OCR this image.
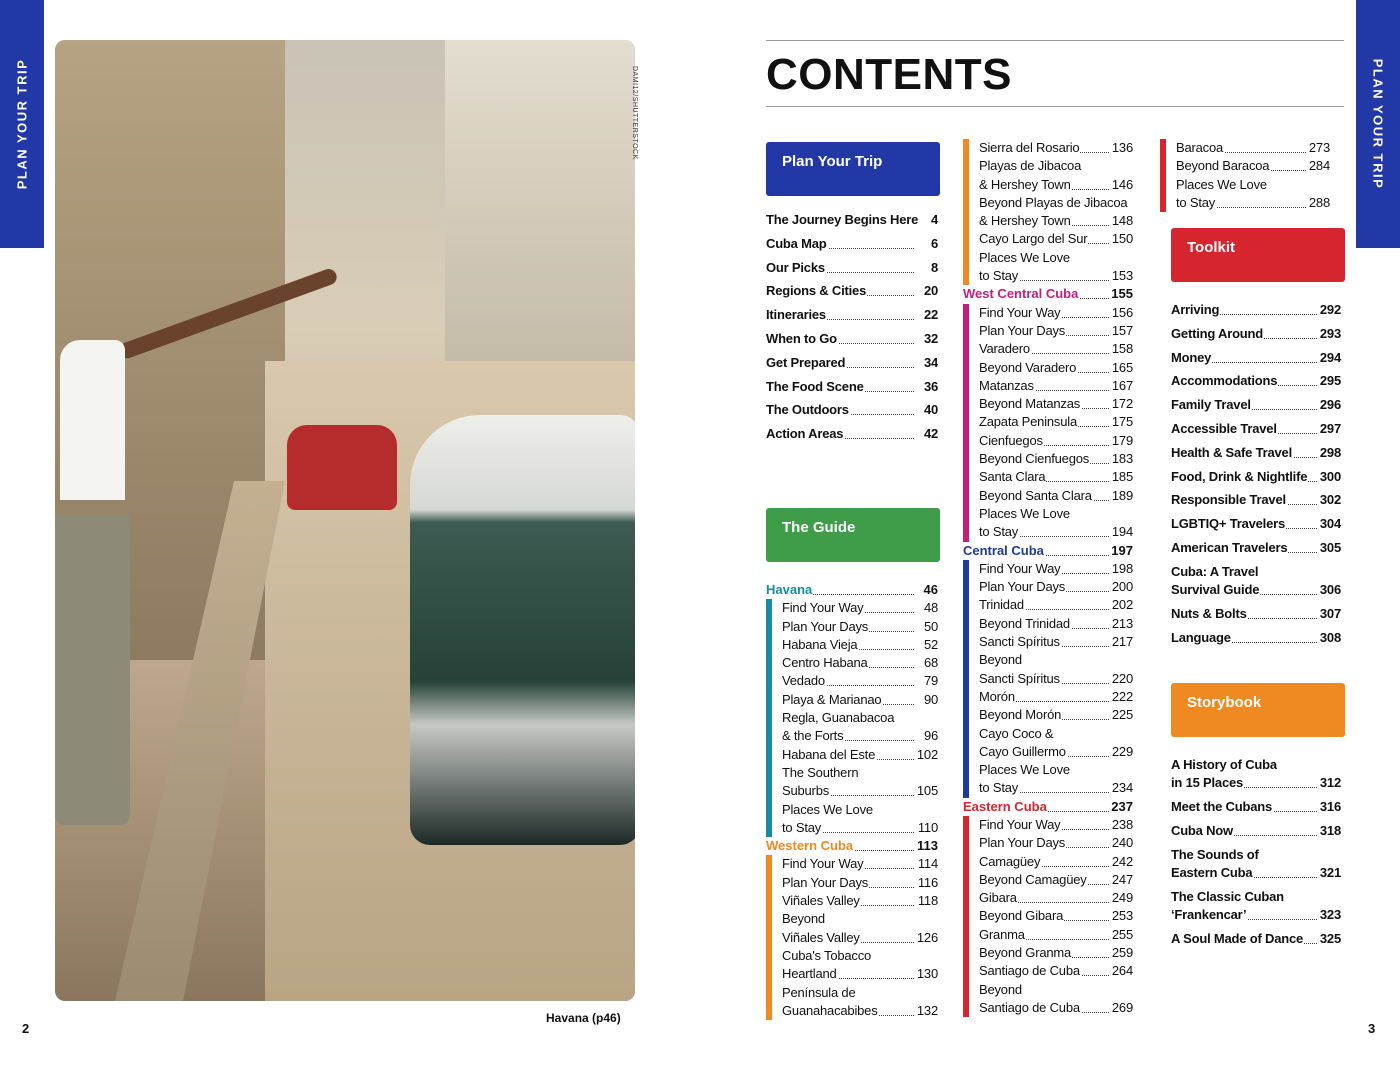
PLAN YOUR TRIP	PLAN YOUR TRIP
2	3
DAMI12/SHUTTERSTOCK
Havana (p46)
CONTENTS
Plan Your Trip
The Journey Begins Here 4
Cuba Map	6
Our Picks	8
Regions & Cities	20
Itineraries	22
When to Go	32
Get Prepared	34
The Food Scene	36
The Outdoors	40
Action Areas	42
The Guide
Havana	46
Find Your Way	48
Plan Your Days	50
Habana Vieja	52
Centro Habana	68
Vedado	79
Playa & Marianao	90
Regla, Guanabacoa
& the Forts	96
Habana del Este	102
The Southern
Suburbs	105
Places We Love
to Stay	110
Western Cuba	113
Find Your Way	114
Plan Your Days	116
Viñales Valley	118
Beyond
Viñales Valley	126
Cuba's Tobacco
Heartland	130
Península de
Guanahacabibes	132
Sierra del Rosario 136
Playas de Jibacoa
& Hershey Town	146
Beyond Playas de Jibacoa
& Hershey Town	148
Cayo Largo del Sur 150
Places We Love
to Stay	153
West Central Cuba	155
Find Your Way	156
Plan Your Days	157
Varadero	158
Beyond Varadero	165
Matanzas	167
Beyond Matanzas 172
Zapata Peninsula	175
Cienfuegos	179
Beyond Cienfuegos 183
Santa Clara	185
Beyond Santa Clara 189
Places We Love
to Stay	194
Central Cuba	197
Find Your Way	198
Plan Your Days	200
Trinidad	202
Beyond Trinidad	213
Sancti Spíritus	217
Beyond
Sancti Spíritus	220
Morón	222
Beyond Morón	225
Cayo Coco &
Cayo Guillermo	229
Places We Love
to Stay	234
Eastern Cuba	237
Find Your Way	238
Plan Your Days	240
Camagüey	242
Beyond Camagüey 247
Gibara	249
Beyond Gibara	253
Granma	255
Beyond Granma	259
Santiago de Cuba 264
Beyond
Santiago de Cuba 269
Baracoa	273
Beyond Baracoa	284
Places We Love
to Stay	288
Toolkit
Arriving	292
Getting Around	293
Money	294
Accommodations	295
Family Travel	296
Accessible Travel	297
Health & Safe Travel 298
Food, Drink & Nightlife 300
Responsible Travel	302
LGBTIQ+ Travelers	304
American Travelers	305
Cuba: A Travel
Survival Guide	306
Nuts & Bolts	307
Language	308
Storybook
A History of Cuba
in 15 Places	312
Meet the Cubans	316
Cuba Now	318
The Sounds of
Eastern Cuba	321
The Classic Cuban
‘Frankencar’	323
A Soul Made of Dance 325
